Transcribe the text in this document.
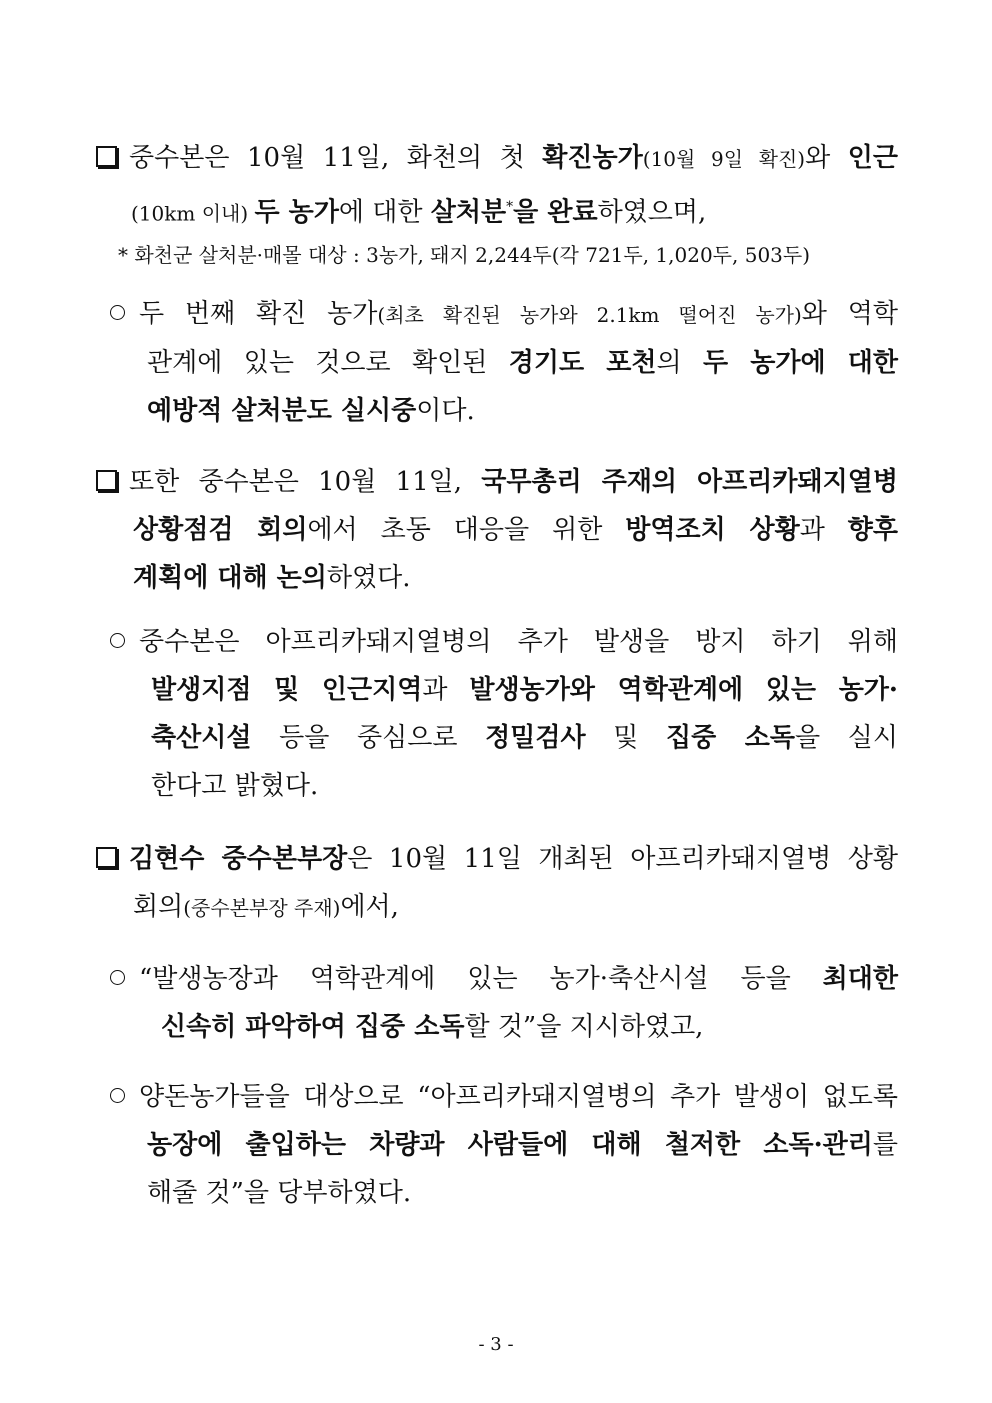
중수본은 10월 11일, 화천의 첫 확진농가(10월 9일 확진)와 인근
(10km 이내) 두 농가에 대한 살처분*을 완료하였으며,
* 화천군 살처분·매몰 대상 : 3농가, 돼지 2,244두(각 721두, 1,020두, 503두)
두 번째 확진 농가(최초 확진된 농가와 2.1km 떨어진 농가)와 역학
관계에 있는 것으로 확인된 경기도 포천의 두 농가에 대한
예방적 살처분도 실시중이다.
또한 중수본은 10월 11일, 국무총리 주재의 아프리카돼지열병
상황점검 회의에서 초동 대응을 위한 방역조치 상황과 향후
계획에 대해 논의하였다.
중수본은 아프리카돼지열병의 추가 발생을 방지 하기 위해
발생지점 및 인근지역과 발생농가와 역학관계에 있는 농가·
축산시설 등을 중심으로 정밀검사 및 집중 소독을 실시
한다고 밝혔다.
김현수 중수본부장은 10월 11일 개최된 아프리카돼지열병 상황
회의(중수본부장 주재)에서,
“발생농장과 역학관계에 있는 농가·축산시설 등을 최대한
신속히 파악하여 집중 소독할 것”을 지시하였고,
양돈농가들을 대상으로 “아프리카돼지열병의 추가 발생이 없도록
농장에 출입하는 차량과 사람들에 대해 철저한 소독·관리를
해줄 것”을 당부하였다.
- 3 -
